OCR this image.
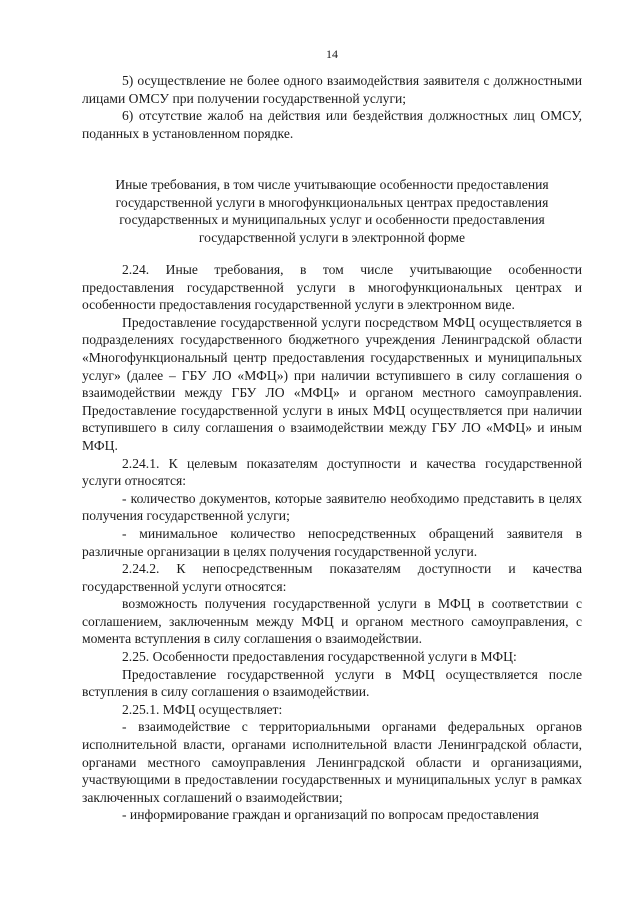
14

5) осуществление не более одного взаимодействия заявителя с должностными лицами ОМСУ при получении государственной услуги;

6) отсутствие жалоб на действия или бездействия должностных лиц ОМСУ, поданных в установленном порядке.

Иные требования, в том числе учитывающие особенности предоставления государственной услуги в многофункциональных центрах предоставления государственных и муниципальных услуг и особенности предоставления государственной услуги в электронной форме

2.24. Иные требования, в том числе учитывающие особенности предоставления государственной услуги в многофункциональных центрах и особенности предоставления государственной услуги в электронном виде.

Предоставление государственной услуги посредством МФЦ осуществляется в подразделениях государственного бюджетного учреждения Ленинградской области «Многофункциональный центр предоставления государственных и муниципальных услуг» (далее – ГБУ ЛО «МФЦ») при наличии вступившего в силу соглашения о взаимодействии между ГБУ ЛО «МФЦ» и органом местного самоуправления. Предоставление государственной услуги в иных МФЦ осуществляется при наличии вступившего в силу соглашения о взаимодействии между ГБУ ЛО «МФЦ» и иным МФЦ.

2.24.1. К целевым показателям доступности и качества государственной услуги относятся:

- количество документов, которые заявителю необходимо представить в целях получения государственной услуги;

- минимальное количество непосредственных обращений заявителя в различные организации в целях получения государственной услуги.

2.24.2. К непосредственным показателям доступности и качества государственной услуги относятся:

возможность получения государственной услуги в МФЦ в соответствии с соглашением, заключенным между МФЦ и органом местного самоуправления, с момента вступления в силу соглашения о взаимодействии.

2.25. Особенности предоставления государственной услуги в МФЦ:

Предоставление государственной услуги в МФЦ осуществляется после вступления в силу соглашения о взаимодействии.

2.25.1. МФЦ осуществляет:

- взаимодействие с территориальными органами федеральных органов исполнительной власти, органами исполнительной власти Ленинградской области, органами местного самоуправления Ленинградской области и организациями, участвующими в предоставлении государственных и муниципальных услуг в рамках заключенных соглашений о взаимодействии;

- информирование граждан и организаций по вопросам предоставления
